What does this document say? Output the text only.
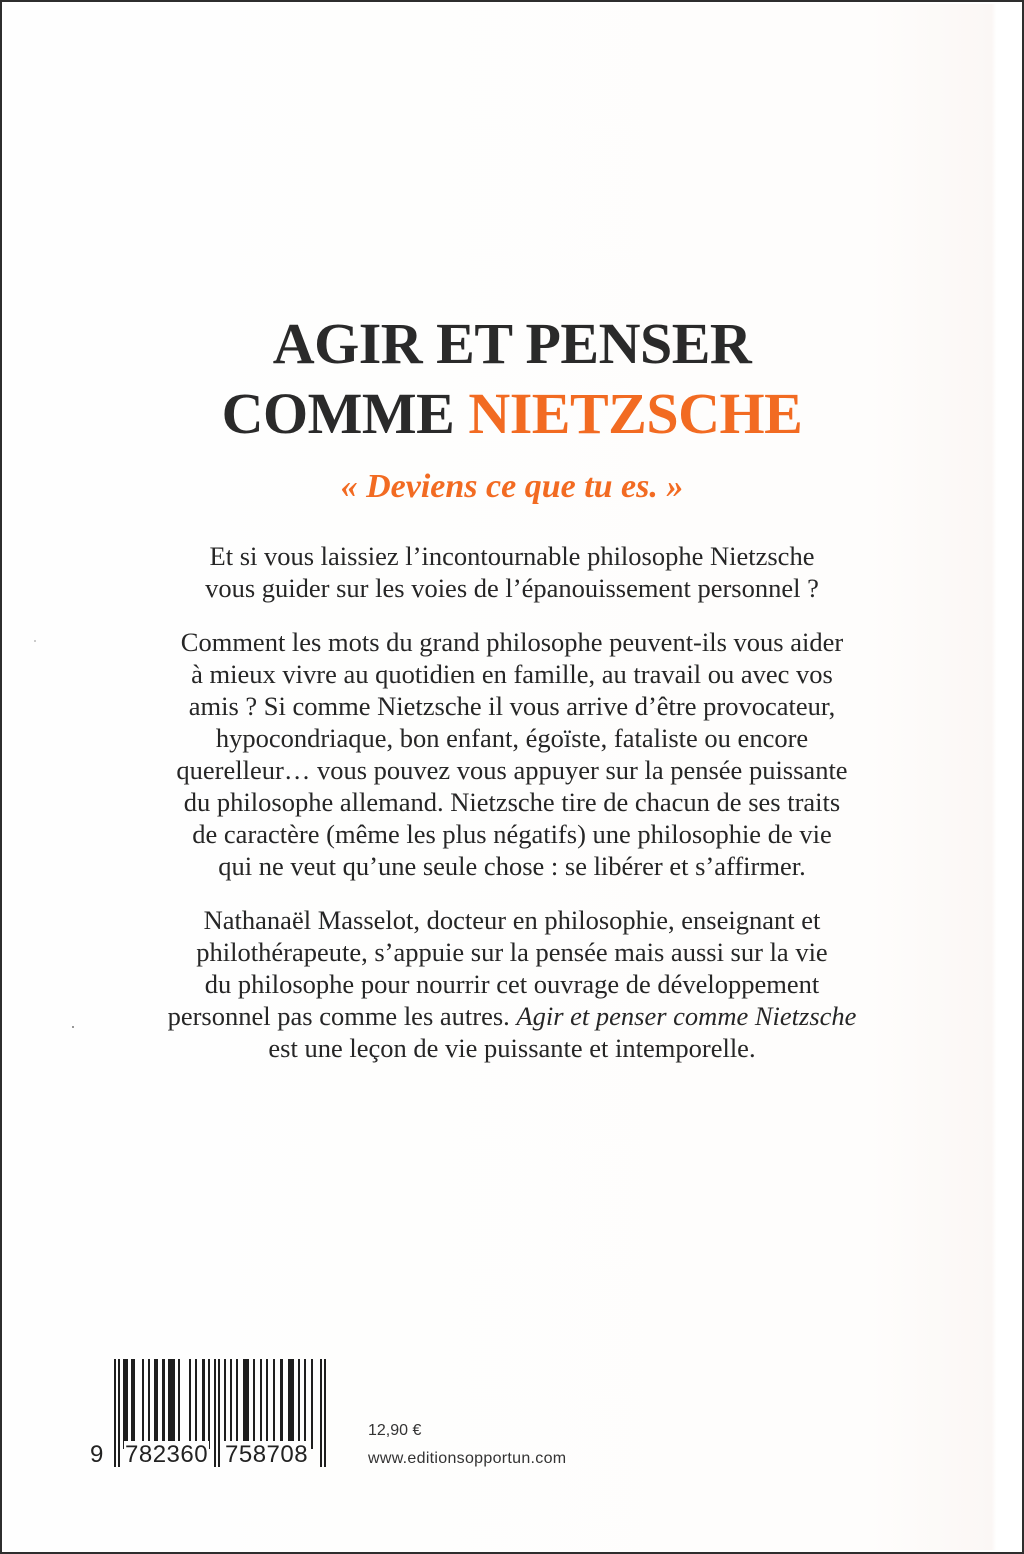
AGIR ET PENSER
COMME NIETZSCHE
« Deviens ce que tu es. »

Et si vous laissiez l’incontournable philosophe Nietzsche
vous guider sur les voies de l’épanouissement personnel ?

Comment les mots du grand philosophe peuvent-ils vous aider
à mieux vivre au quotidien en famille, au travail ou avec vos
amis ? Si comme Nietzsche il vous arrive d’être provocateur,
hypocondriaque, bon enfant, égoïste, fataliste ou encore
querelleur… vous pouvez vous appuyer sur la pensée puissante
du philosophe allemand. Nietzsche tire de chacun de ses traits
de caractère (même les plus négatifs) une philosophie de vie
qui ne veut qu’une seule chose : se libérer et s’affirmer.

Nathanaël Masselot, docteur en philosophie, enseignant et
philothérapeute, s’appuie sur la pensée mais aussi sur la vie
du philosophe pour nourrir cet ouvrage de développement
personnel pas comme les autres. Agir et penser comme Nietzsche
est une leçon de vie puissante et intemporelle.

9 782360 758708
12,90 €
www.editionsopportun.com
